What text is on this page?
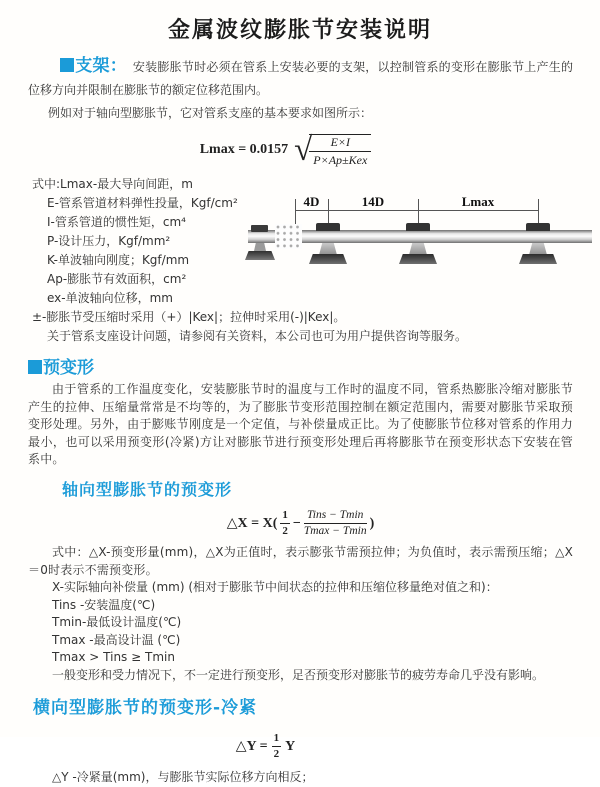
金属波纹膨胀节安装说明

支架： 安装膨胀节时必须在管系上安装必要的支架，以控制管系的变形在膨胀节上产生的位移方向并限制在膨胀节的额定位移范围内。

例如对于轴向型膨胀节，它对管系支座的基本要求如图所示：

Lmax = 0.0157 √	E×I
P×Ap±Kex
式中:Lmax-最大导向间距，m
E-管系管道材料弹性投量，Kgf/cm²
I-管系管道的惯性矩，cm⁴
P-设计压力，Kgf/mm²
K-单波轴向刚度；Kgf/mm
Ap-膨胀节有效面积，cm²
ex-单波轴向位移，mm
±-膨胀节受压缩时采用（+）|Kex|；拉伸时采用(-)|Kex|。
关于管系支座设计问题，请参阅有关资料，本公司也可为用户提供咨询等服务。

预变形

由于管系的工作温度变化，安装膨胀节时的温度与工作时的温度不同，管系热膨胀冷缩对膨胀节产生的拉伸、压缩量常常是不均等的，为了膨胀节变形范围控制在额定范围内，需要对膨胀节采取预变形处理。另外，由于膨账节刚度是一个定值，与补偿量成正比。为了使膨胀节位移对管系的作用力最小，也可以采用预变形(冷紧)方让对膨胀节进行预变形处理后再将膨胀节在预变形状态下安装在管系中。

轴向型膨胀节的预变形
△X = $X( \frac{1}{2} - \frac{\text{Tins − Tmin}}{Tmax - Tmin}$ )

式中：△X-预变形量(mm)，△X为正值时，表示膨张节需预拉伸；为负值时，表示需预压缩；△X＝0时表示不需预变形。

X-实际轴向补偿量 (mm) (相对于膨胀节中间状态的拉伸和压缩位移量绝对值之和)：
Tins -安装温度(℃)
Tmin-最低设计温度(℃)
Tmax -最高设计温 (℃)
Tmax > Tins ≥ Tmin
一般变形和受力情况下，不一定进行预变形，足否预变形对膨胀节的疲劳寿命几乎没有影响。
横向型膨胀节的预变形-冷紧
△Y = $\frac{1}{2}$ Y

△Y -冷紧量(mm)，与膨胀节实际位移方向相反；

4D	14D	Lmax
